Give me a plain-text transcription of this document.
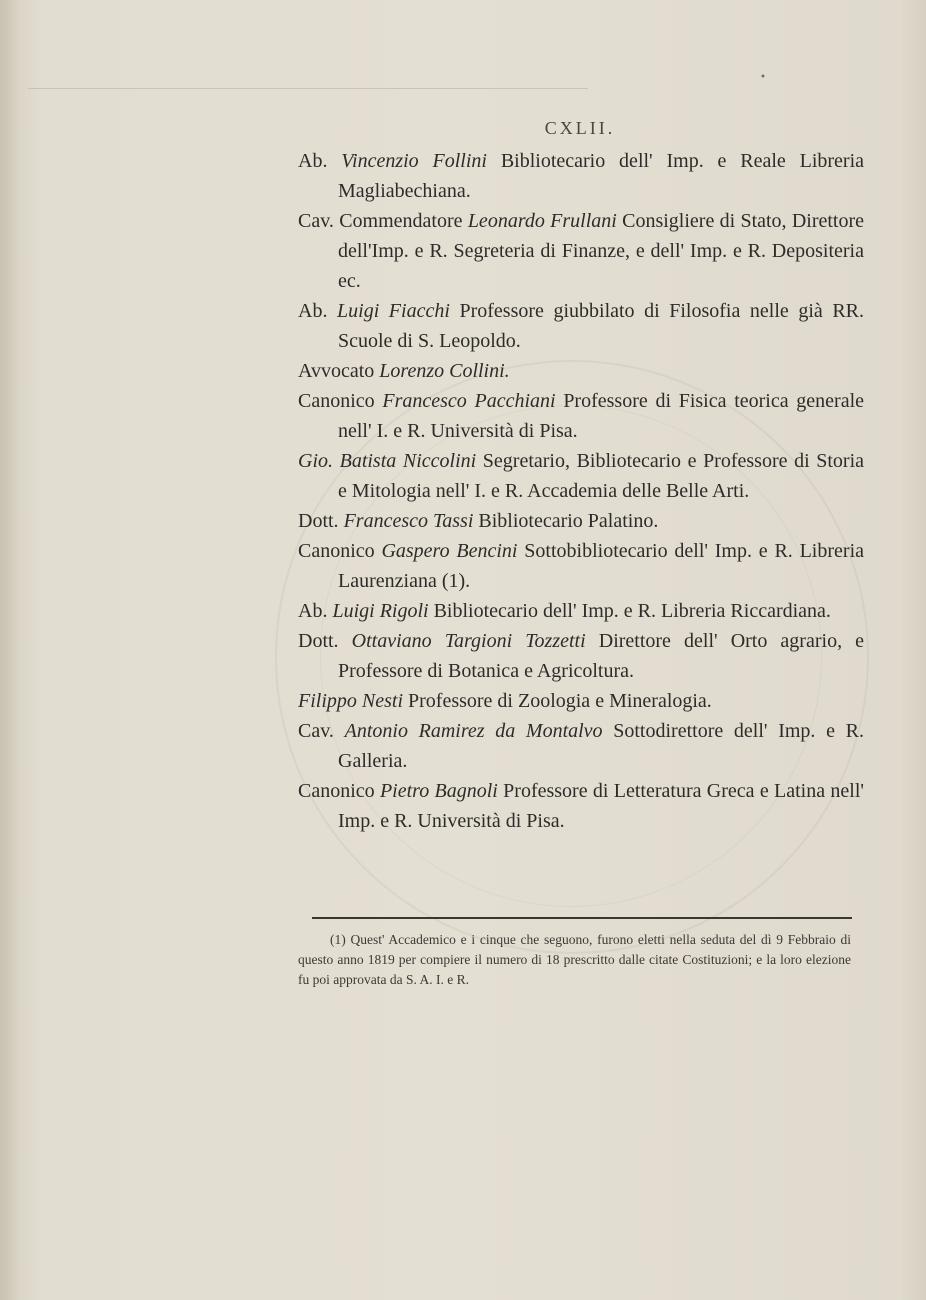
•
CXLII.

Ab. Vincenzio Follini Bibliotecario dell' Imp. e Reale Libreria Magliabechiana.

Cav. Commendatore Leonardo Frullani Consigliere di Stato, Direttore dell'Imp. e R. Segreteria di Finanze, e dell' Imp. e R. Depositeria ec.

Ab. Luigi Fiacchi Professore giubbilato di Filosofia nelle già RR. Scuole di S. Leopoldo.

Avvocato Lorenzo Collini.

Canonico Francesco Pacchiani Professore di Fisica teorica generale nell' I. e R. Università di Pisa.

Gio. Batista Niccolini Segretario, Bibliotecario e Professore di Storia e Mitologia nell' I. e R. Accademia delle Belle Arti.

Dott. Francesco Tassi Bibliotecario Palatino.

Canonico Gaspero Bencini Sottobibliotecario dell' Imp. e R. Libreria Laurenziana (1).

Ab. Luigi Rigoli Bibliotecario dell' Imp. e R. Libreria Riccardiana.

Dott. Ottaviano Targioni Tozzetti Direttore dell' Orto agrario, e Professore di Botanica e Agricoltura.

Filippo Nesti Professore di Zoologia e Mineralogia.

Cav. Antonio Ramirez da Montalvo Sottodirettore dell' Imp. e R. Galleria.

Canonico Pietro Bagnoli Professore di Letteratura Greca e Latina nell' Imp. e R. Università di Pisa.

(1) Quest' Accademico e i cinque che seguono, furono eletti nella seduta del dì 9 Febbraio di questo anno 1819 per compiere il numero di 18 prescritto dalle citate Costituzioni; e la loro elezione fu poi approvata da S. A. I. e R.
